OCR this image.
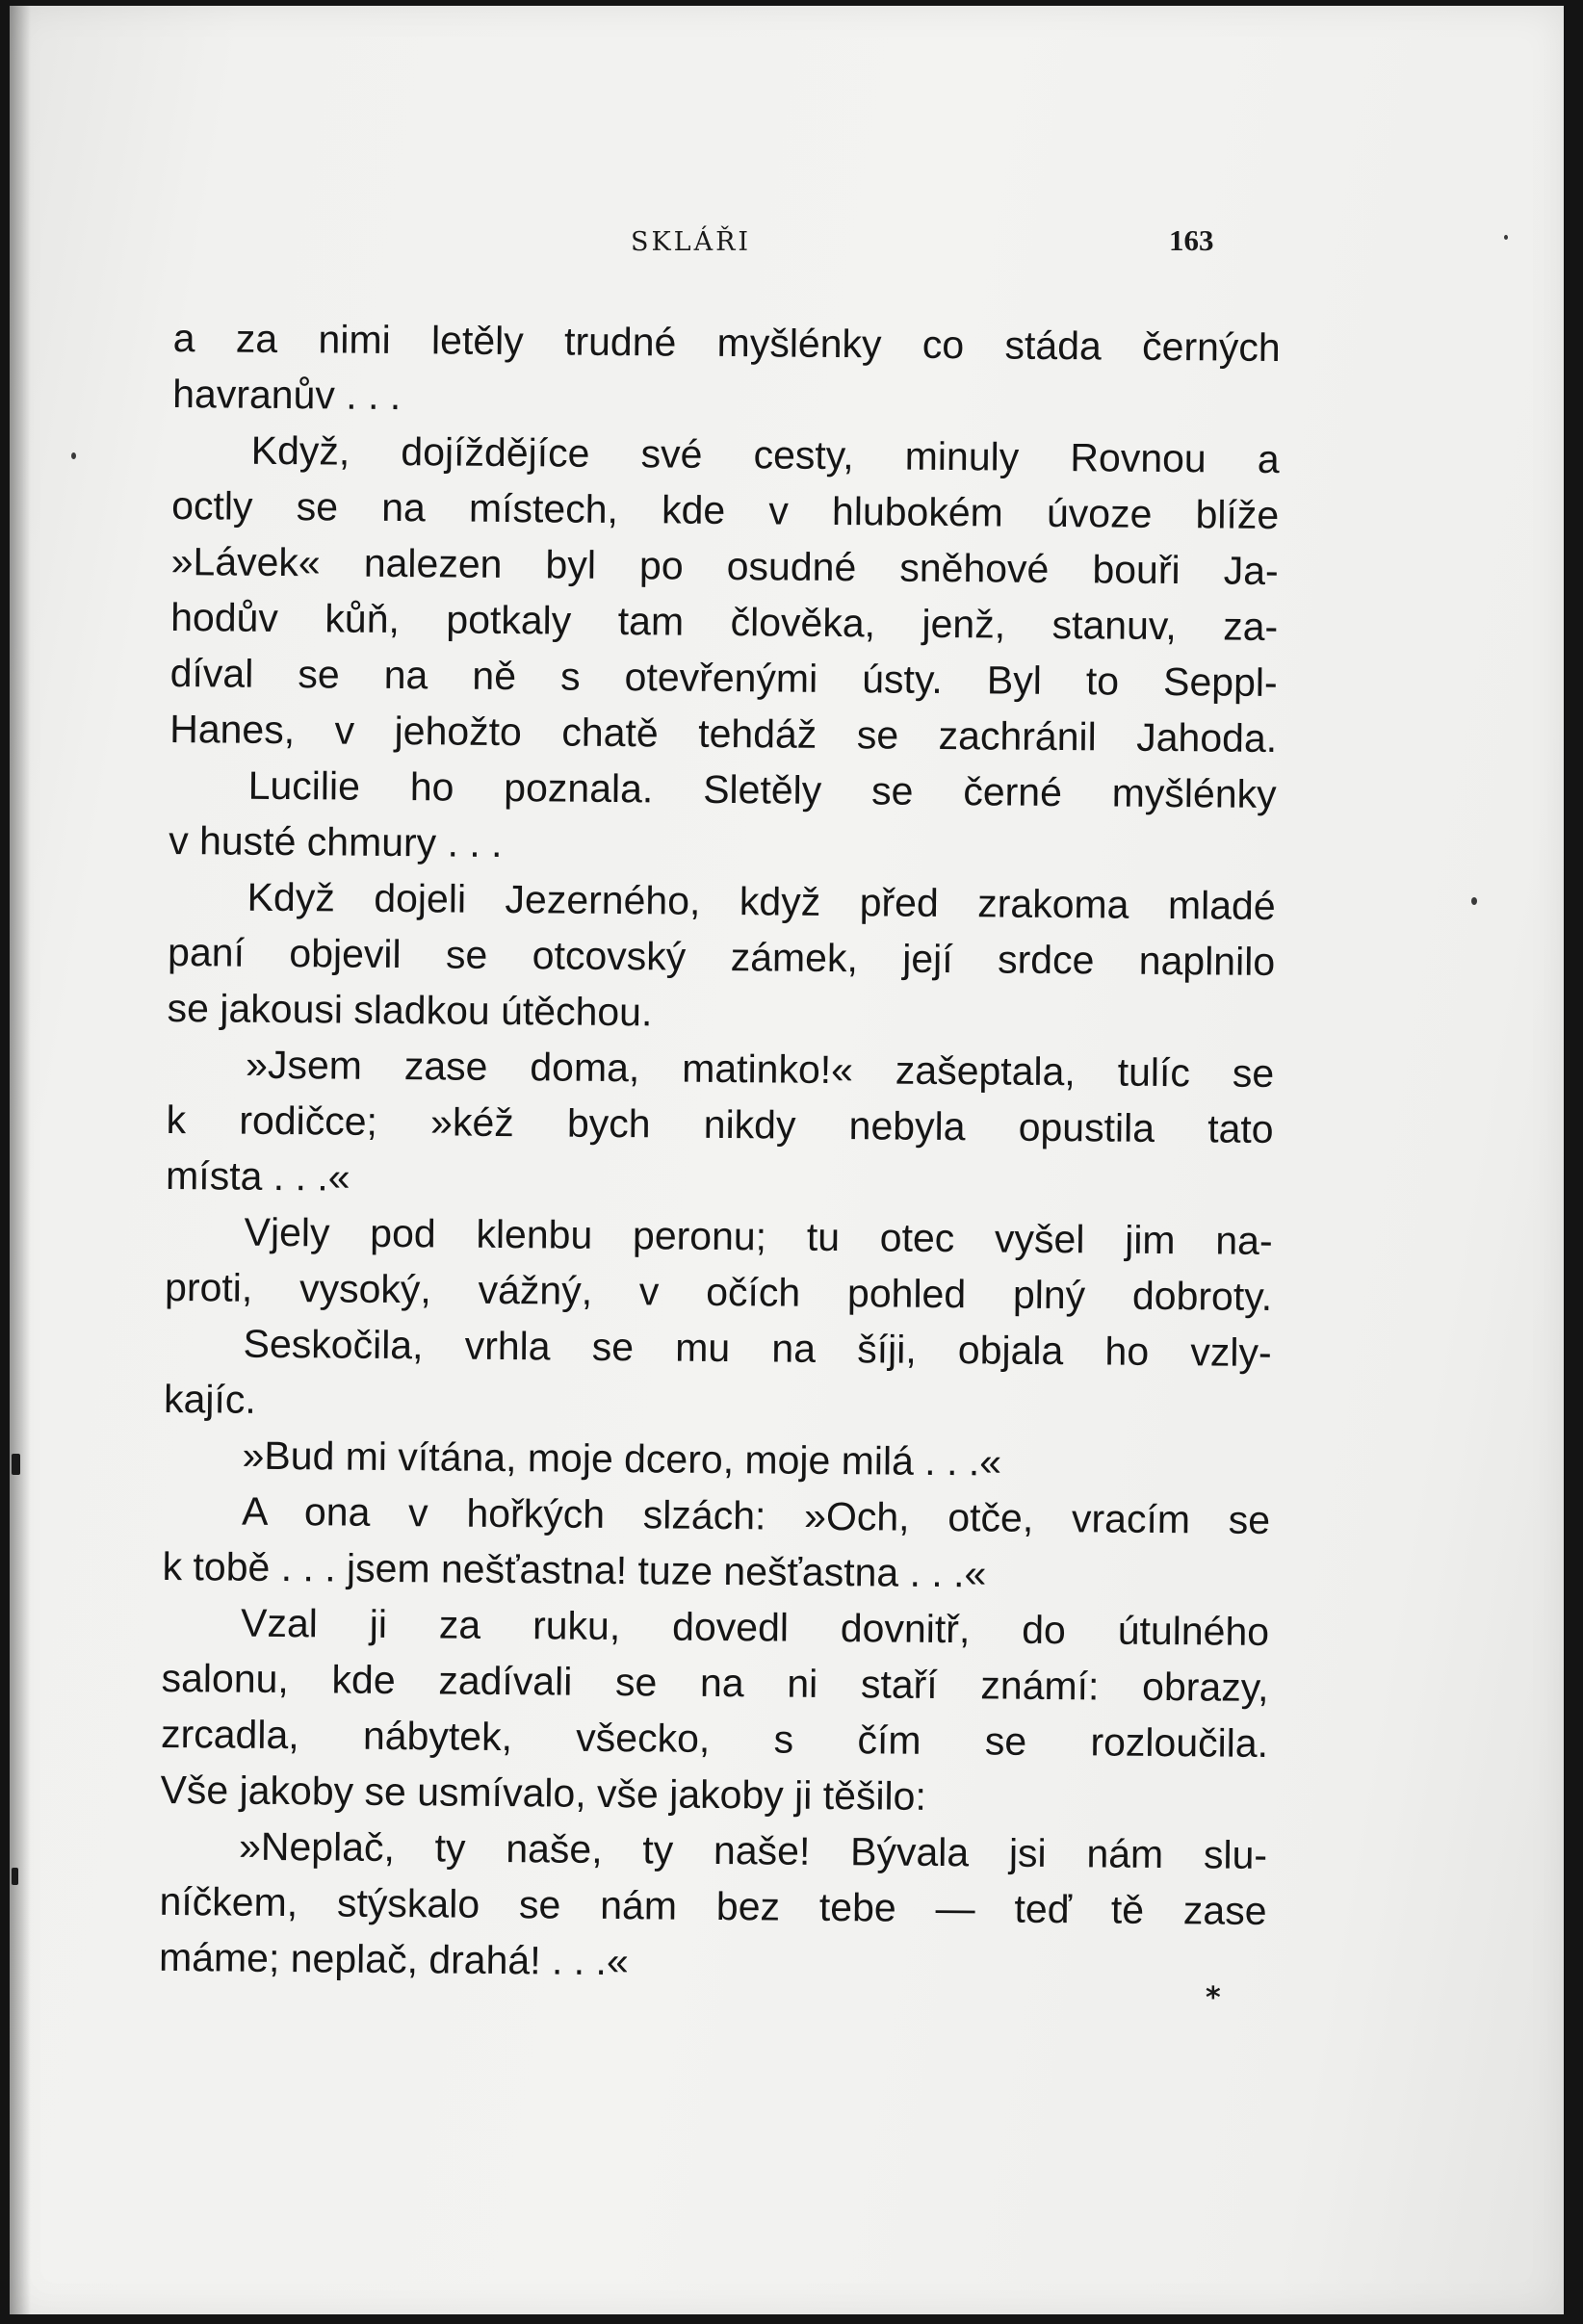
SKLÁŘI	163
a za nimi letěly trudné myšlénky co stáda černých
havranův . . .
Když, dojíždějíce své cesty, minuly Rovnou a
octly se na místech, kde v hlubokém úvoze blíže
»Lávek« nalezen byl po osudné sněhové bouři Ja-
hodův kůň, potkaly tam člověka, jenž, stanuv, za-
díval se na ně s otevřenými ústy. Byl to Seppl-
Hanes, v jehožto chatě tehdáž se zachránil Jahoda.
Lucilie ho poznala. Sletěly se černé myšlénky
v husté chmury . . .
Když dojeli Jezerného, když před zrakoma mladé
paní objevil se otcovský zámek, její srdce naplnilo
se jakousi sladkou útěchou.
»Jsem zase doma, matinko!« zašeptala, tulíc se
k rodičce; »kéž bych nikdy nebyla opustila tato
místa . . .«
Vjely pod klenbu peronu; tu otec vyšel jim na-
proti, vysoký, vážný, v očích pohled plný dobroty.
Seskočila, vrhla se mu na šíji, objala ho vzly-
kajíc.
»Bud mi vítána, moje dcero, moje milá . . .«
A ona v hořkých slzách: »Och, otče, vracím se
k tobě . . . jsem nešťastna! tuze nešťastna . . .«
Vzal ji za ruku, dovedl dovnitř, do útulného
salonu, kde zadívali se na ni staří známí: obrazy,
zrcadla, nábytek, všecko, s čím se rozloučila.
Vše jakoby se usmívalo, vše jakoby ji těšilo:
»Neplač, ty naše, ty naše! Bývala jsi nám slu-
níčkem, stýskalo se nám bez tebe — teď tě zase
máme; neplač, drahá! . . .«
*
